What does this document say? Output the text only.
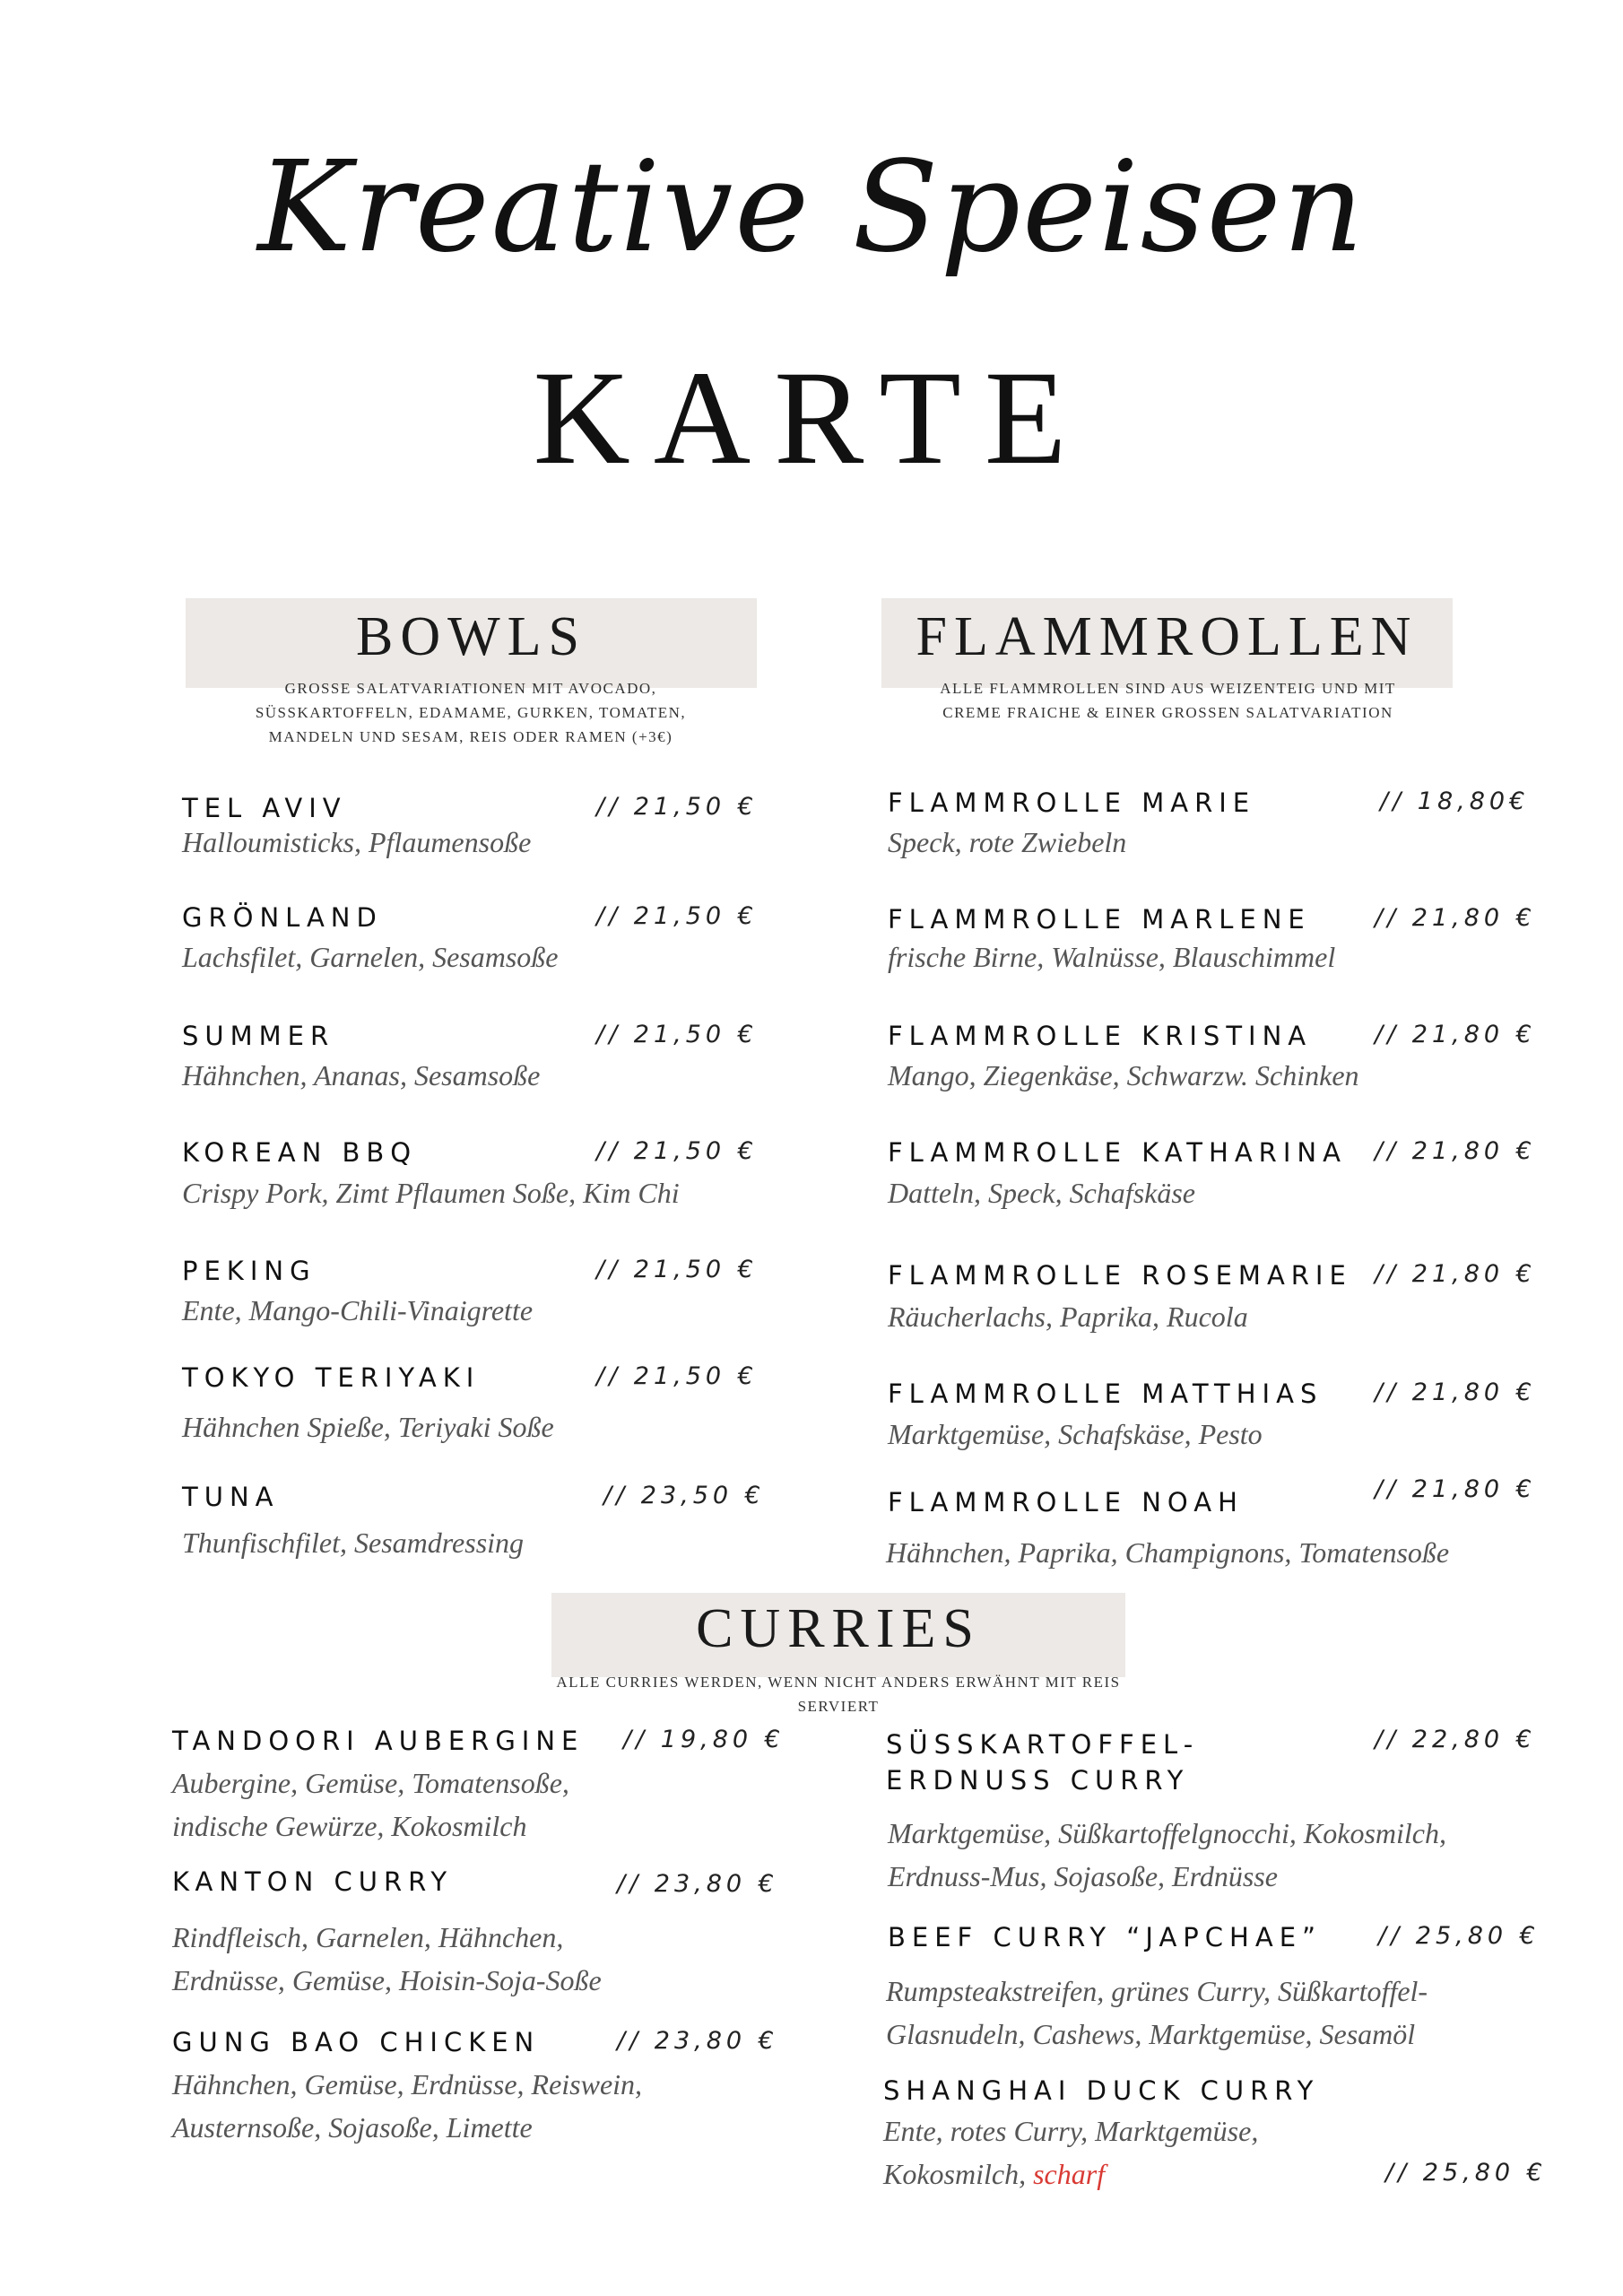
Kreative Speisen
KARTE
BOWLS
GROSSE SALATVARIATIONEN MIT AVOCADO,
SÜSSKARTOFFELN, EDAMAME, GURKEN, TOMATEN,
MANDELN UND SESAM, REIS ODER RAMEN (+3€)
TEL AVIV	// 21,50 €
Halloumisticks, Pflaumensoße
GRÖNLAND	// 21,50 €
Lachsfilet, Garnelen, Sesamsoße
SUMMER	// 21,50 €
Hähnchen, Ananas, Sesamsoße
KOREAN BBQ	// 21,50 €
Crispy Pork, Zimt Pflaumen Soße, Kim Chi
PEKING	// 21,50 €
Ente, Mango-Chili-Vinaigrette
TOKYO TERIYAKI	// 21,50 €
Hähnchen Spieße, Teriyaki Soße
TUNA	// 23,50 €
Thunfischfilet, Sesamdressing
FLAMMROLLEN
ALLE FLAMMROLLEN SIND AUS WEIZENTEIG UND MIT
CREME FRAICHE & EINER GROSSEN SALATVARIATION
FLAMMROLLE MARIE	// 18,80€
Speck, rote Zwiebeln
FLAMMROLLE MARLENE	// 21,80 €
frische Birne, Walnüsse, Blauschimmel
FLAMMROLLE KRISTINA	// 21,80 €
Mango, Ziegenkäse, Schwarzw. Schinken
FLAMMROLLE KATHARINA // 21,80 €
Datteln, Speck, Schafskäse
FLAMMROLLE ROSEMARIE // 21,80 €
Räucherlachs, Paprika, Rucola
FLAMMROLLE MATTHIAS // 21,80 €
Marktgemüse, Schafskäse, Pesto
FLAMMROLLE NOAH	// 21,80 €
Hähnchen, Paprika, Champignons, Tomatensoße
CURRIES
ALLE CURRIES WERDEN, WENN NICHT ANDERS ERWÄHNT MIT REIS
SERVIERT
TANDOORI AUBERGINE // 19,80 €
Aubergine, Gemüse, Tomatensoße,
indische Gewürze, Kokosmilch
KANTON CURRY	// 23,80 €
Rindfleisch, Garnelen, Hähnchen,
Erdnüsse, Gemüse, Hoisin-Soja-Soße
GUNG BAO CHICKEN	// 23,80 €
Hähnchen, Gemüse, Erdnüsse, Reiswein,
Austernsoße, Sojasoße, Limette
SÜSSKARTOFFEL-
ERDNUSS CURRY
// 22,80 €
Marktgemüse, Süßkartoffelgnocchi, Kokosmilch,
Erdnuss-Mus, Sojasoße, Erdnüsse
BEEF CURRY “JAPCHAE” // 25,80 €
Rumpsteakstreifen, grünes Curry, Süßkartoffel-
Glasnudeln, Cashews, Marktgemüse, Sesamöl
SHANGHAI DUCK CURRY
// 25,80 €
Ente, rotes Curry, Marktgemüse,
Kokosmilch, scharf
